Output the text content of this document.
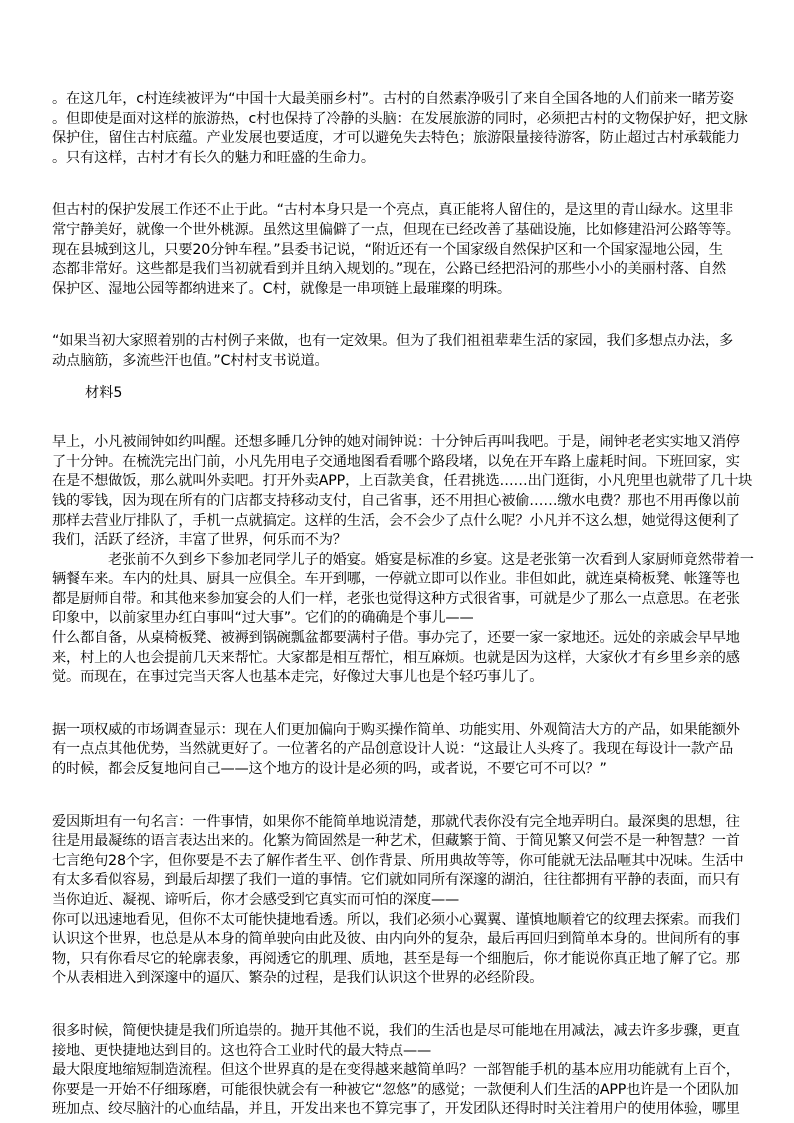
。在这几年，c村连续被评为“中国十大最美丽乡村”。古村的自然素净吸引了来自全国各地的人们前来一睹芳姿
。但即使是面对这样的旅游热，c村也保持了冷静的头脑：在发展旅游的同时，必须把古村的文物保护好，把文脉
保护住，留住古村底蕴。产业发展也要适度，才可以避免失去特色；旅游限量接待游客，防止超过古村承载能力
。只有这样，古村才有长久的魅力和旺盛的生命力。

但古村的保护发展工作还不止于此。“古村本身只是一个亮点，真正能将人留住的，是这里的青山绿水。这里非
常宁静美好，就像一个世外桃源。虽然这里偏僻了一点，但现在已经改善了基础设施，比如修建沿河公路等等。
现在县城到这儿，只要20分钟车程。”县委书记说，“附近还有一个国家级自然保护区和一个国家湿地公园，生
态都非常好。这些都是我们当初就看到并且纳入规划的。”现在，公路已经把沿河的那些小小的美丽村落、自然
保护区、湿地公园等都纳进来了。C村，就像是一串项链上最璀璨的明珠。

“如果当初大家照着别的古村例子来做，也有一定效果。但为了我们祖祖辈辈生活的家园，我们多想点办法，多
动点脑筋，多流些汗也值。”C村村支书说道。

材料5

早上，小凡被闹钟如约叫醒。还想多睡几分钟的她对闹钟说：十分钟后再叫我吧。于是，闹钟老老实实地又消停
了十分钟。在梳洗完出门前，小凡先用电子交通地图看看哪个路段堵，以免在开车路上虚耗时间。下班回家，实
在是不想做饭，那么就叫外卖吧。打开外卖APP，上百款美食，任君挑选……出门逛街，小凡兜里也就带了几十块
钱的零钱，因为现在所有的门店都支持移动支付，自己省事，还不用担心被偷……缴水电费？那也不用再像以前
那样去营业厅排队了，手机一点就搞定。这样的生活，会不会少了点什么呢？小凡并不这么想，她觉得这便利了
我们，活跃了经济，丰富了世界，何乐而不为？

老张前不久到乡下参加老同学儿子的婚宴。婚宴是标准的乡宴。这是老张第一次看到人家厨师竟然带着一
辆餐车来。车内的灶具、厨具一应俱全。车开到哪，一停就立即可以作业。非但如此，就连桌椅板凳、帐篷等也
都是厨师自带。和其他来参加宴会的人们一样，老张也觉得这种方式很省事，可就是少了那么一点意思。在老张
印象中，以前家里办红白事叫“过大事”。它们的的确确是个事儿——
什么都自备，从桌椅板凳、被褥到锅碗瓢盆都要满村子借。事办完了，还要一家一家地还。远处的亲戚会早早地
来，村上的人也会提前几天来帮忙。大家都是相互帮忙，相互麻烦。也就是因为这样，大家伙才有乡里乡亲的感
觉。而现在，在事过完当天客人也基本走完，好像过大事儿也是个轻巧事儿了。

据一项权威的市场调查显示：现在人们更加偏向于购买操作简单、功能实用、外观简洁大方的产品，如果能额外
有一点点其他优势，当然就更好了。一位著名的产品创意设计人说：“这最让人头疼了。我现在每设计一款产品
的时候，都会反复地问自己——这个地方的设计是必须的吗，或者说，不要它可不可以？”

爱因斯坦有一句名言：一件事情，如果你不能简单地说清楚，那就代表你没有完全地弄明白。最深奥的思想，往
往是用最凝练的语言表达出来的。化繁为简固然是一种艺术，但藏繁于简、于简见繁又何尝不是一种智慧？一首
七言绝句28个字，但你要是不去了解作者生平、创作背景、所用典故等等，你可能就无法品咂其中况味。生活中
有太多看似容易，到最后却摆了我们一道的事情。它们就如同所有深邃的湖泊，往往都拥有平静的表面，而只有
当你迫近、凝视、谛听后，你才会感受到它真实而可怕的深度——
你可以迅速地看见，但你不太可能快捷地看透。所以，我们必须小心翼翼、谨慎地顺着它的纹理去探索。而我们
认识这个世界，也总是从本身的简单驶向由此及彼、由内向外的复杂，最后再回归到简单本身的。世间所有的事
物，只有你看尽它的轮廓表象，再阅透它的肌理、质地，甚至是每一个细胞后，你才能说你真正地了解了它。那
个从表相进入到深邃中的逼仄、繁杂的过程，是我们认识这个世界的必经阶段。

很多时候，简便快捷是我们所追崇的。抛开其他不说，我们的生活也是尽可能地在用减法，减去许多步骤，更直
接地、更快捷地达到目的。这也符合工业时代的最大特点——
最大限度地缩短制造流程。但这个世界真的是在变得越来越简单吗？一部智能手机的基本应用功能就有上百个，
你要是一开始不仔细琢磨，可能很快就会有一种被它“忽悠”的感觉；一款便利人们生活的APP也许是一个团队加
班加点、绞尽脑汁的心血结晶，并且，开发出来也不算完事了，开发团队还得时时关注着用户的使用体验，哪里
